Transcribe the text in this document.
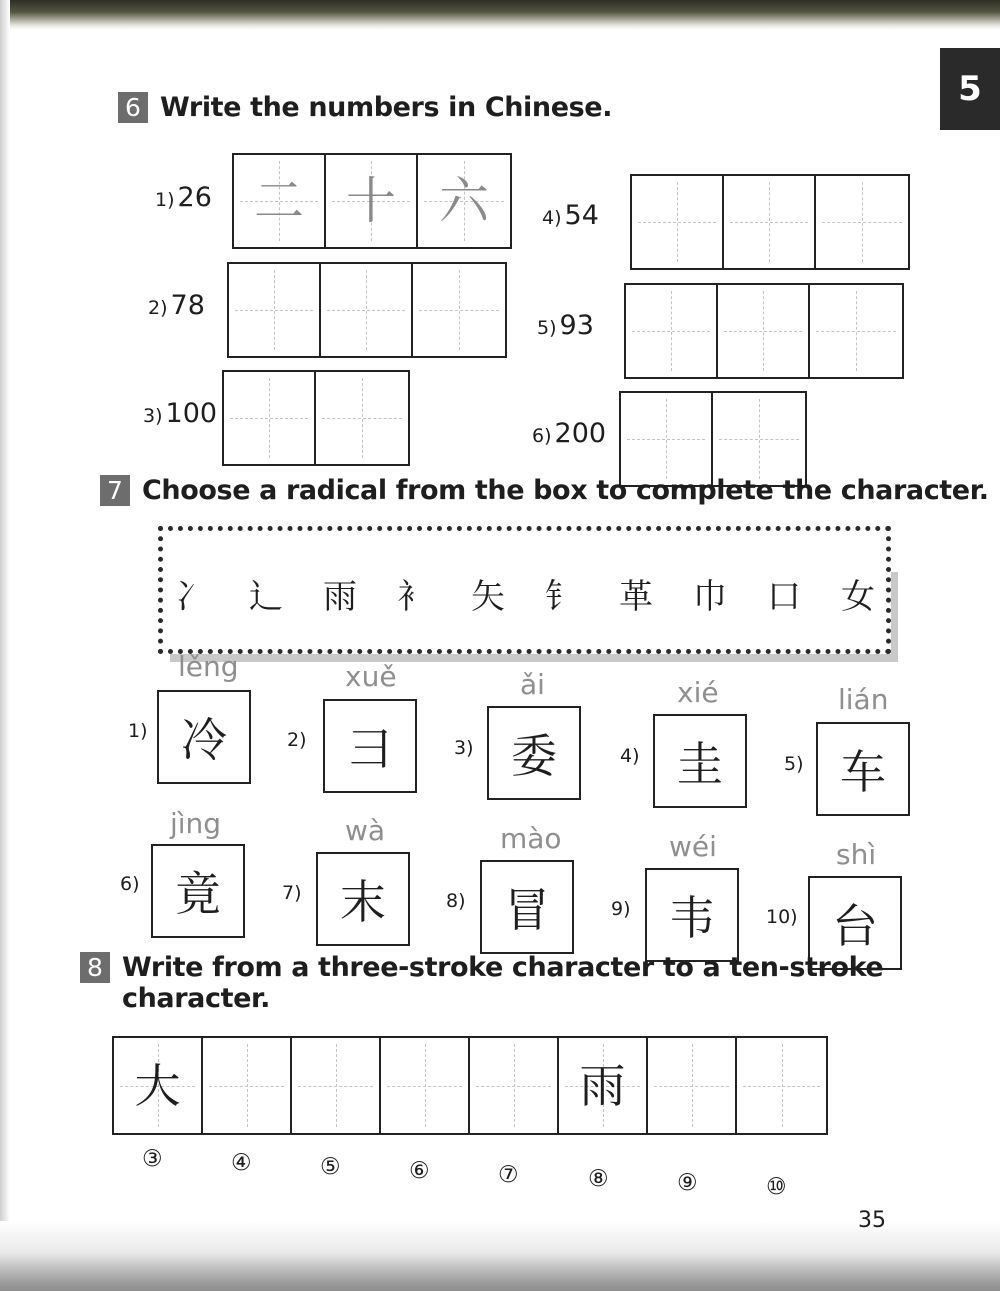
5
6 Write the numbers in Chinese.
1) 26 二 十 六
2) 78
3) 100
4) 54
5) 93
6) 200
7 Choose a radical from the box to complete the character.
冫 辶 雨 衤 矢 钅 革 巾 口 女
lěng
1) 冷
xuě
2) 彐
ǎi
3) 委
xié
4) 圭
lián
5) 车
jìng
6) 竟
wà
7) 末
mào
8) 冒
wéi
9) 韦
shì
10) 台
8 Write from a three-stroke character to a ten-stroke
character.
大	雨
③	④	⑤	⑥	⑦	⑧	⑨	⑩
35
